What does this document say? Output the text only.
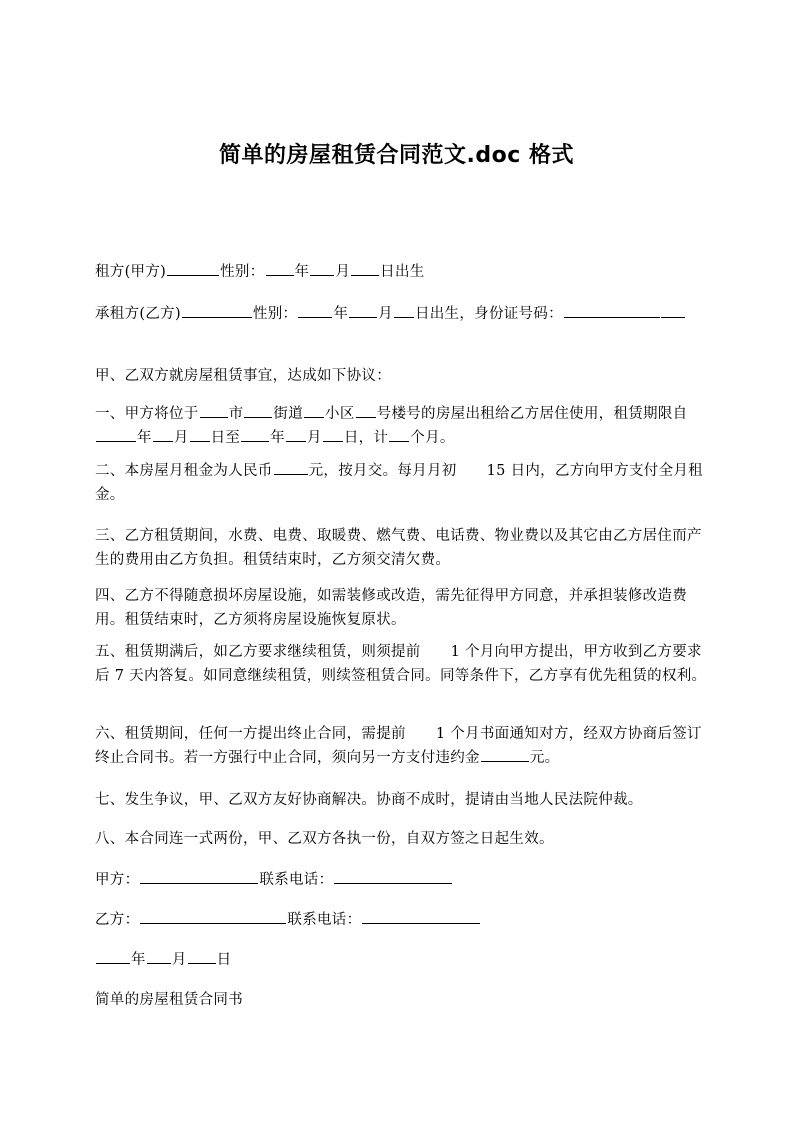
简单的房屋租赁合同范文.doc 格式
租方(甲方)	性别： 年 月 日出生
承租方(乙方)	性别： 年 月 日出生，身份证号码：
甲、乙双方就房屋租赁事宜，达成如下协议：
一、甲方将位于 市 街道 小区 号楼号的房屋出租给乙方居住使用，租赁期限自年 月 日至 年 月 日，计 个月。
二、本房屋月租金为人民币 元，按月交。每月月初 15 日内，乙方向甲方支付全月租金。
三、乙方租赁期间，水费、电费、取暖费、燃气费、电话费、物业费以及其它由乙方居住而产生的费用由乙方负担。租赁结束时，乙方须交清欠费。
四、乙方不得随意损坏房屋设施，如需装修或改造，需先征得甲方同意，并承担装修改造费用。租赁结束时，乙方须将房屋设施恢复原状。
五、租赁期满后，如乙方要求继续租赁，则须提前 1 个月向甲方提出，甲方收到乙方要求后 7 天内答复。如同意继续租赁，则续签租赁合同。同等条件下，乙方享有优先租赁的权利。
六、租赁期间，任何一方提出终止合同，需提前 1 个月书面通知对方，经双方协商后签订终止合同书。若一方强行中止合同，须向另一方支付违约金	元。
七、发生争议，甲、乙双方友好协商解决。协商不成时，提请由当地人民法院仲裁。
八、本合同连一式两份，甲、乙双方各执一份，自双方签之日起生效。
甲方：	联系电话：
乙方：	联系电话：
年 月 日
简单的房屋租赁合同书
